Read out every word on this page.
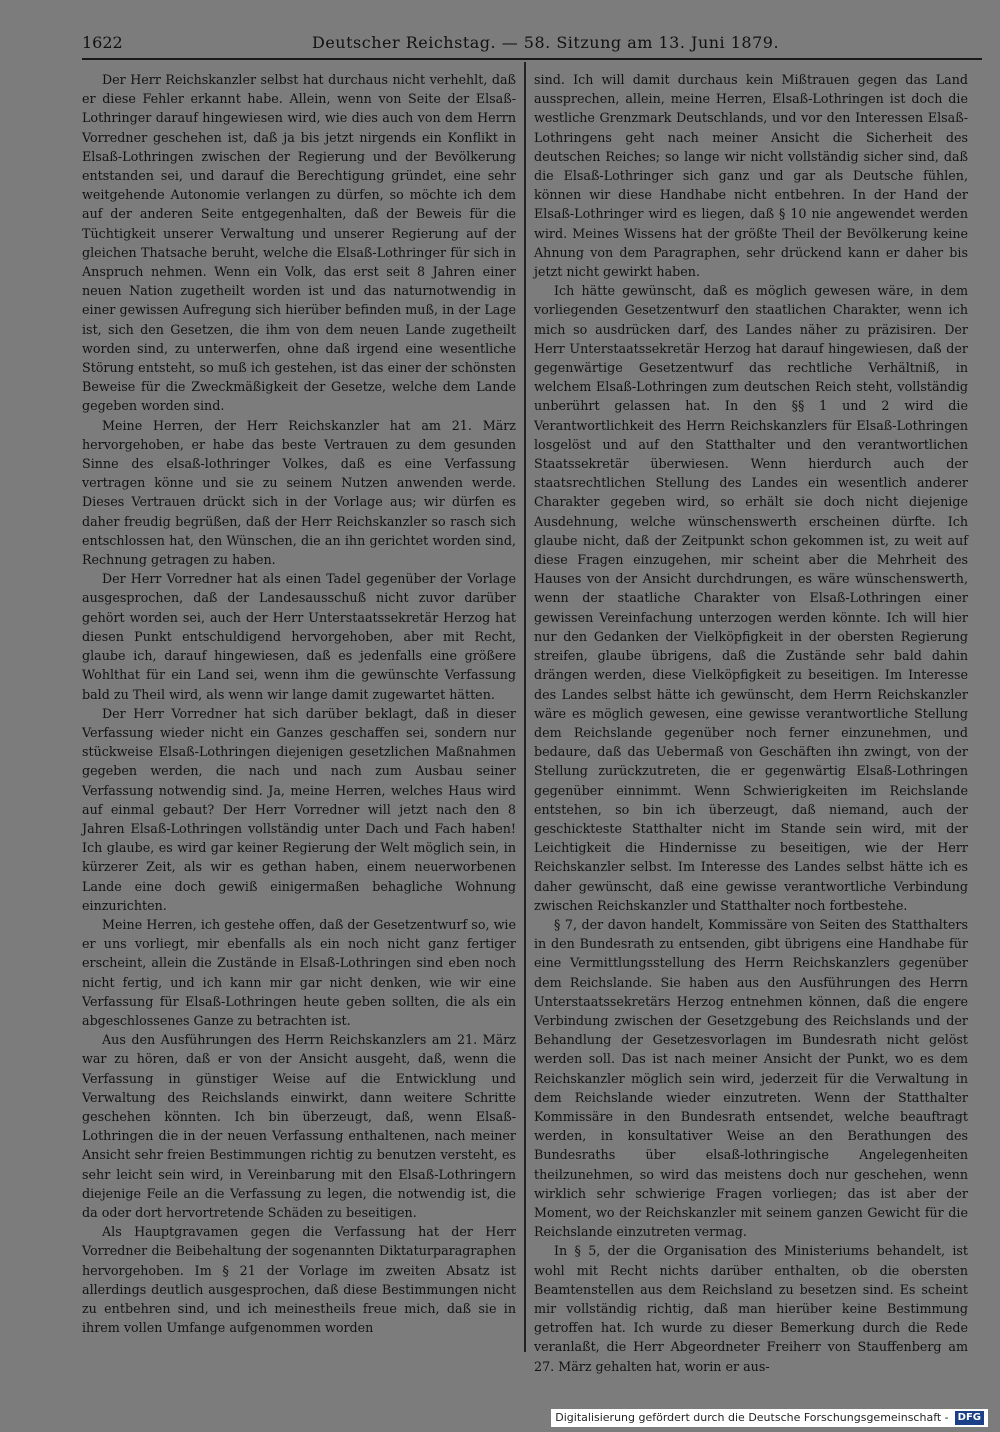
1622	Deutscher Reichstag. — 58. Sitzung am 13. Juni 1879.

Der Herr Reichskanzler selbst hat durchaus nicht verhehlt, daß er diese Fehler erkannt habe. Allein, wenn von Seite der Elsaß-Lothringer darauf hingewiesen wird, wie dies auch von dem Herrn Vorredner geschehen ist, daß ja bis jetzt nirgends ein Konflikt in Elsaß-Lothringen zwischen der Regierung und der Bevölkerung entstanden sei, und darauf die Berechtigung gründet, eine sehr weitgehende Autonomie verlangen zu dürfen, so möchte ich dem auf der anderen Seite entgegenhalten, daß der Beweis für die Tüchtigkeit unserer Verwaltung und unserer Regierung auf der gleichen Thatsache beruht, welche die Elsaß-Lothringer für sich in Anspruch nehmen. Wenn ein Volk, das erst seit 8 Jahren einer neuen Nation zugetheilt worden ist und das naturnotwendig in einer gewissen Aufregung sich hierüber befinden muß, in der Lage ist, sich den Gesetzen, die ihm von dem neuen Lande zugetheilt worden sind, zu unterwerfen, ohne daß irgend eine wesentliche Störung entsteht, so muß ich gestehen, ist das einer der schönsten Beweise für die Zweckmäßigkeit der Gesetze, welche dem Lande gegeben worden sind.

Meine Herren, der Herr Reichskanzler hat am 21. März hervorgehoben, er habe das beste Vertrauen zu dem gesunden Sinne des elsaß-lothringer Volkes, daß es eine Verfassung vertragen könne und sie zu seinem Nutzen anwenden werde. Dieses Vertrauen drückt sich in der Vorlage aus; wir dürfen es daher freudig begrüßen, daß der Herr Reichskanzler so rasch sich entschlossen hat, den Wünschen, die an ihn gerichtet worden sind, Rechnung getragen zu haben.

Der Herr Vorredner hat als einen Tadel gegenüber der Vorlage ausgesprochen, daß der Landesausschuß nicht zuvor darüber gehört worden sei, auch der Herr Unterstaatssekretär Herzog hat diesen Punkt entschuldigend hervorgehoben, aber mit Recht, glaube ich, darauf hingewiesen, daß es jedenfalls eine größere Wohlthat für ein Land sei, wenn ihm die gewünschte Verfassung bald zu Theil wird, als wenn wir lange damit zugewartet hätten.

Der Herr Vorredner hat sich darüber beklagt, daß in dieser Verfassung wieder nicht ein Ganzes geschaffen sei, sondern nur stückweise Elsaß-Lothringen diejenigen gesetzlichen Maßnahmen gegeben werden, die nach und nach zum Ausbau seiner Verfassung notwendig sind. Ja, meine Herren, welches Haus wird auf einmal gebaut? Der Herr Vorredner will jetzt nach den 8 Jahren Elsaß-Lothringen vollständig unter Dach und Fach haben! Ich glaube, es wird gar keiner Regierung der Welt möglich sein, in kürzerer Zeit, als wir es gethan haben, einem neuerworbenen Lande eine doch gewiß einigermaßen behagliche Wohnung einzurichten.

Meine Herren, ich gestehe offen, daß der Gesetzentwurf so, wie er uns vorliegt, mir ebenfalls als ein noch nicht ganz fertiger erscheint, allein die Zustände in Elsaß-Lothringen sind eben noch nicht fertig, und ich kann mir gar nicht denken, wie wir eine Verfassung für Elsaß-Lothringen heute geben sollten, die als ein abgeschlossenes Ganze zu betrachten ist.

Aus den Ausführungen des Herrn Reichskanzlers am 21. März war zu hören, daß er von der Ansicht ausgeht, daß, wenn die Verfassung in günstiger Weise auf die Entwicklung und Verwaltung des Reichslands einwirkt, dann weitere Schritte geschehen könnten. Ich bin überzeugt, daß, wenn Elsaß-Lothringen die in der neuen Verfassung enthaltenen, nach meiner Ansicht sehr freien Bestimmungen richtig zu benutzen versteht, es sehr leicht sein wird, in Vereinbarung mit den Elsaß-Lothringern diejenige Feile an die Verfassung zu legen, die notwendig ist, die da oder dort hervortretende Schäden zu beseitigen.

Als Hauptgravamen gegen die Verfassung hat der Herr Vorredner die Beibehaltung der sogenannten Diktaturparagraphen hervorgehoben. Im § 21 der Vorlage im zweiten Absatz ist allerdings deutlich ausgesprochen, daß diese Bestimmungen nicht zu entbehren sind, und ich meinestheils freue mich, daß sie in ihrem vollen Umfange aufgenommen worden

sind. Ich will damit durchaus kein Mißtrauen gegen das Land aussprechen, allein, meine Herren, Elsaß-Lothringen ist doch die westliche Grenzmark Deutschlands, und vor den Interessen Elsaß-Lothringens geht nach meiner Ansicht die Sicherheit des deutschen Reiches; so lange wir nicht vollständig sicher sind, daß die Elsaß-Lothringer sich ganz und gar als Deutsche fühlen, können wir diese Handhabe nicht entbehren. In der Hand der Elsaß-Lothringer wird es liegen, daß § 10 nie angewendet werden wird. Meines Wissens hat der größte Theil der Bevölkerung keine Ahnung von dem Paragraphen, sehr drückend kann er daher bis jetzt nicht gewirkt haben.

Ich hätte gewünscht, daß es möglich gewesen wäre, in dem vorliegenden Gesetzentwurf den staatlichen Charakter, wenn ich mich so ausdrücken darf, des Landes näher zu präzisiren. Der Herr Unterstaatssekretär Herzog hat darauf hingewiesen, daß der gegenwärtige Gesetzentwurf das rechtliche Verhältniß, in welchem Elsaß-Lothringen zum deutschen Reich steht, vollständig unberührt gelassen hat. In den §§ 1 und 2 wird die Verantwortlichkeit des Herrn Reichskanzlers für Elsaß-Lothringen losgelöst und auf den Statthalter und den verantwortlichen Staatssekretär überwiesen. Wenn hierdurch auch der staatsrechtlichen Stellung des Landes ein wesentlich anderer Charakter gegeben wird, so erhält sie doch nicht diejenige Ausdehnung, welche wünschenswerth erscheinen dürfte. Ich glaube nicht, daß der Zeitpunkt schon gekommen ist, zu weit auf diese Fragen einzugehen, mir scheint aber die Mehrheit des Hauses von der Ansicht durchdrungen, es wäre wünschenswerth, wenn der staatliche Charakter von Elsaß-Lothringen einer gewissen Vereinfachung unterzogen werden könnte. Ich will hier nur den Gedanken der Vielköpfigkeit in der obersten Regierung streifen, glaube übrigens, daß die Zustände sehr bald dahin drängen werden, diese Vielköpfigkeit zu beseitigen. Im Interesse des Landes selbst hätte ich gewünscht, dem Herrn Reichskanzler wäre es möglich gewesen, eine gewisse verantwortliche Stellung dem Reichslande gegenüber noch ferner einzunehmen, und bedaure, daß das Uebermaß von Geschäften ihn zwingt, von der Stellung zurückzutreten, die er gegenwärtig Elsaß-Lothringen gegenüber einnimmt. Wenn Schwierigkeiten im Reichslande entstehen, so bin ich überzeugt, daß niemand, auch der geschickteste Statthalter nicht im Stande sein wird, mit der Leichtigkeit die Hindernisse zu beseitigen, wie der Herr Reichskanzler selbst. Im Interesse des Landes selbst hätte ich es daher gewünscht, daß eine gewisse verantwortliche Verbindung zwischen Reichskanzler und Statthalter noch fortbestehe.

§ 7, der davon handelt, Kommissäre von Seiten des Statthalters in den Bundesrath zu entsenden, gibt übrigens eine Handhabe für eine Vermittlungsstellung des Herrn Reichskanzlers gegenüber dem Reichslande. Sie haben aus den Ausführungen des Herrn Unterstaatssekretärs Herzog entnehmen können, daß die engere Verbindung zwischen der Gesetzgebung des Reichslands und der Behandlung der Gesetzesvorlagen im Bundesrath nicht gelöst werden soll. Das ist nach meiner Ansicht der Punkt, wo es dem Reichskanzler möglich sein wird, jederzeit für die Verwaltung in dem Reichslande wieder einzutreten. Wenn der Statthalter Kommissäre in den Bundesrath entsendet, welche beauftragt werden, in konsultativer Weise an den Berathungen des Bundesraths über elsaß-lothringische Angelegenheiten theilzunehmen, so wird das meistens doch nur geschehen, wenn wirklich sehr schwierige Fragen vorliegen; das ist aber der Moment, wo der Reichskanzler mit seinem ganzen Gewicht für die Reichslande einzutreten vermag.

In § 5, der die Organisation des Ministeriums behandelt, ist wohl mit Recht nichts darüber enthalten, ob die obersten Beamtenstellen aus dem Reichsland zu besetzen sind. Es scheint mir vollständig richtig, daß man hierüber keine Bestimmung getroffen hat. Ich wurde zu dieser Bemerkung durch die Rede veranlaßt, die Herr Abgeordneter Freiherr von Stauffenberg am 27. März gehalten hat, worin er aus-

Digitalisierung gefördert durch die Deutsche Forschungsgemeinschaft - DFG
